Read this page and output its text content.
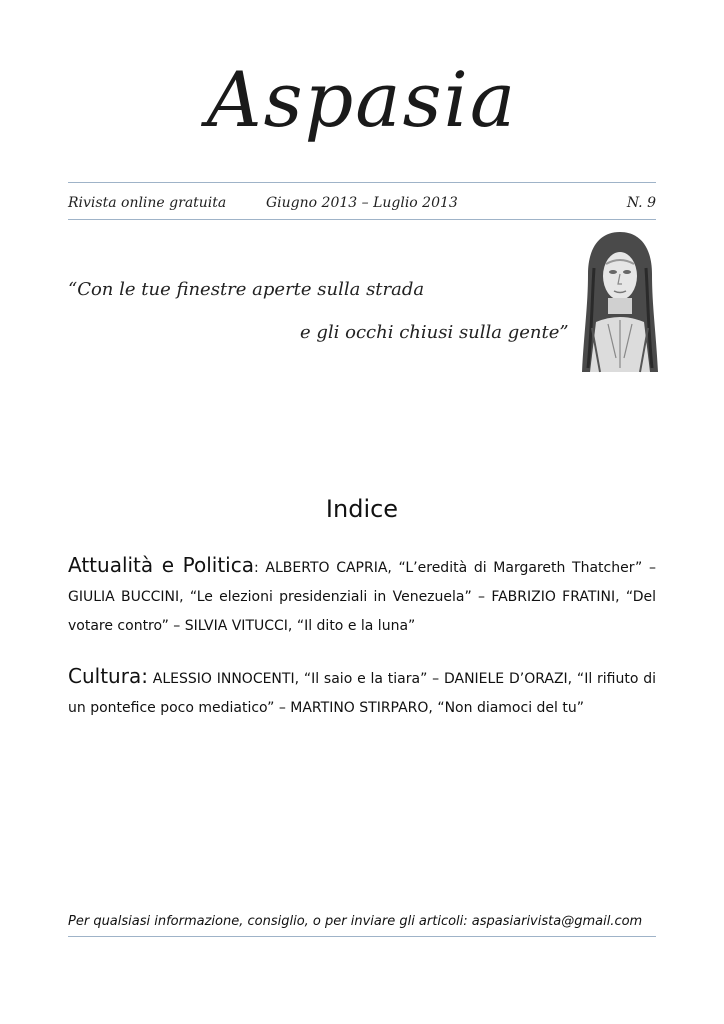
Aspasia
Rivista online gratuita	Giugno 2013 – Luglio 2013	N. 9
“Con le tue finestre aperte sulla strada
e gli occhi chiusi sulla gente”
Indice
Attualità e Politica: ALBERTO CAPRIA, “L’eredità di Margareth Thatcher” – GIULIA BUCCINI, “Le elezioni presidenziali in Venezuela” – FABRIZIO FRATINI, “Del votare contro” – SILVIA VITUCCI, “Il dito e la luna”
Cultura: ALESSIO INNOCENTI, “Il saio e la tiara” – DANIELE D’ORAZI, “Il rifiuto di un pontefice poco mediatico” – MARTINO STIRPARO, “Non diamoci del tu”
Per qualsiasi informazione, consiglio, o per inviare gli articoli: aspasiarivista@gmail.com
